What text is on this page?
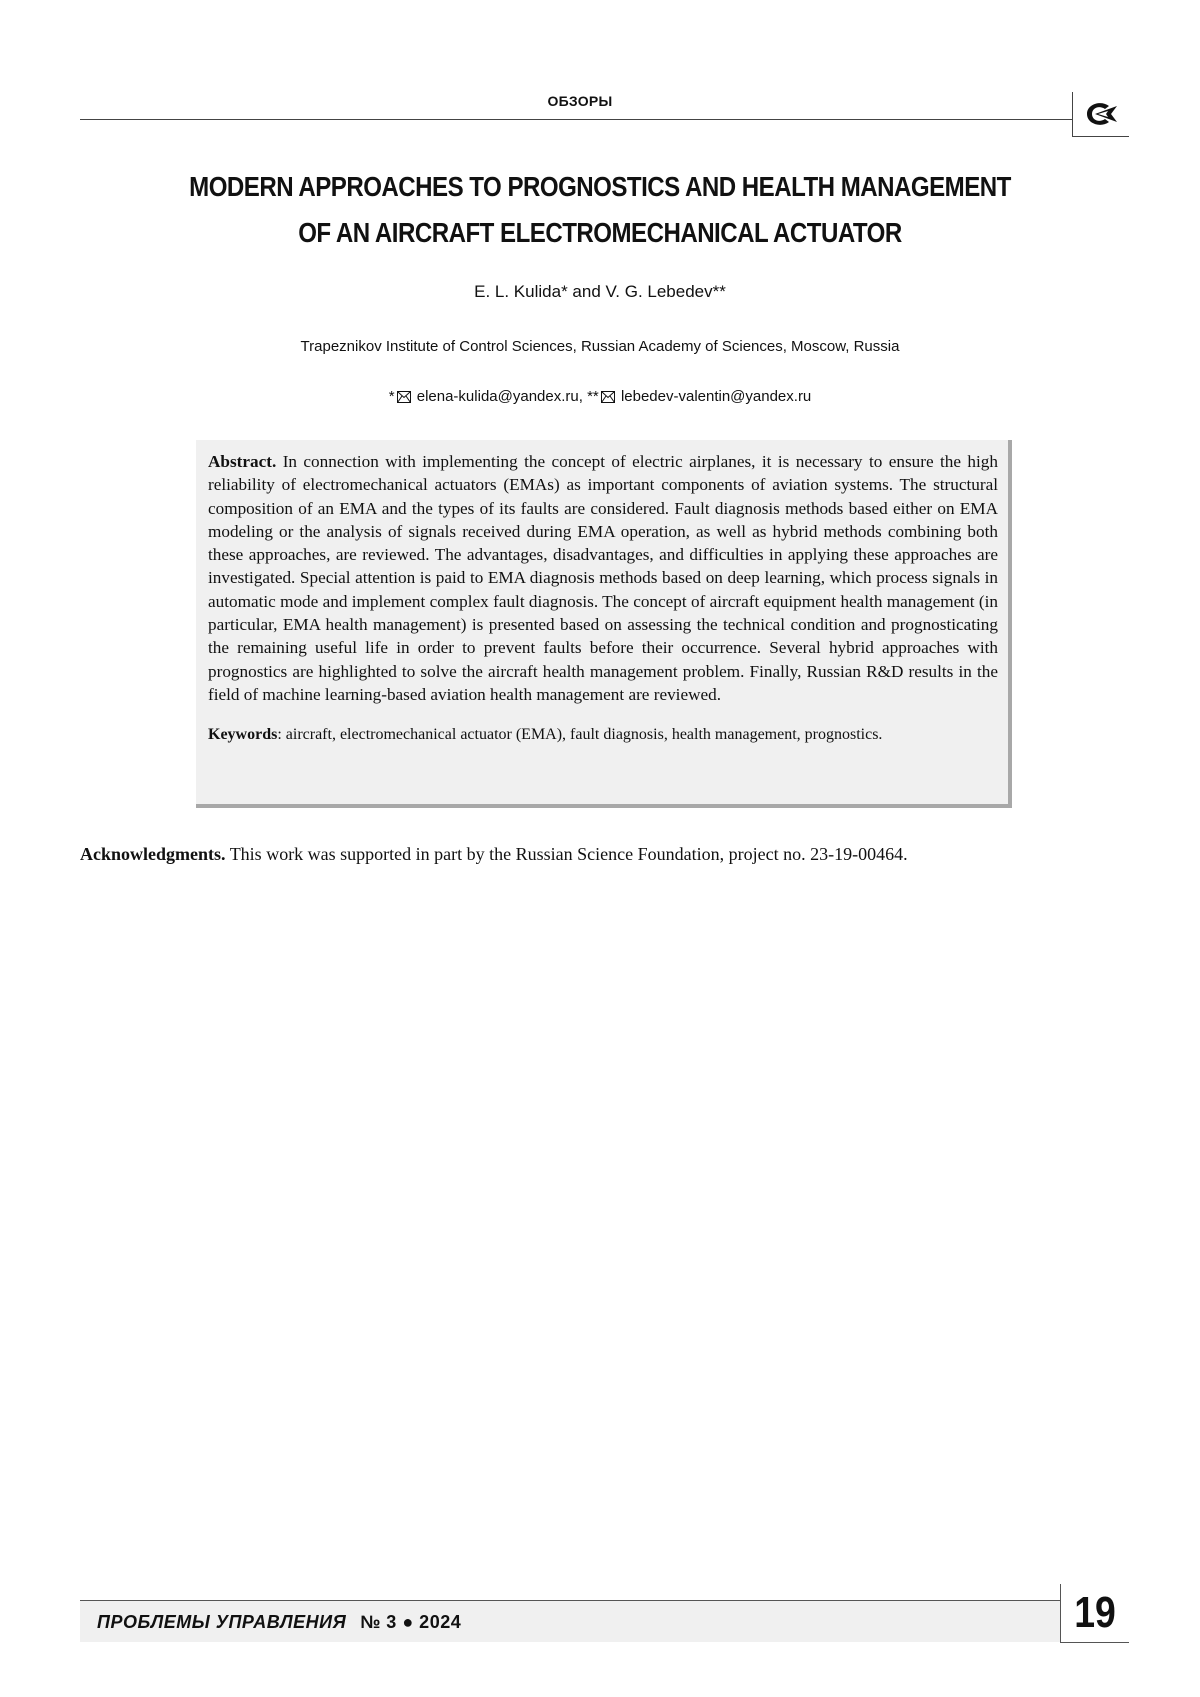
ОБЗОРЫ
MODERN APPROACHES TO PROGNOSTICS AND HEALTH MANAGEMENT
OF AN AIRCRAFT ELECTROMECHANICAL ACTUATOR
E. L. Kulida* and V. G. Lebedev**
Trapeznikov Institute of Control Sciences, Russian Academy of Sciences, Moscow, Russia
* elena-kulida@yandex.ru, ** lebedev-valentin@yandex.ru

Abstract. In connection with implementing the concept of electric airplanes, it is necessary to ensure the high reliability of electromechanical actuators (EMAs) as important components of aviation systems. The structural composition of an EMA and the types of its faults are considered. Fault diagnosis methods based either on EMA modeling or the analysis of signals received during EMA operation, as well as hybrid methods combining both these approaches, are reviewed. The advantages, disadvantages, and difficulties in applying these approaches are investigated. Special attention is paid to EMA diagnosis methods based on deep learning, which process signals in automatic mode and implement complex fault diagnosis. The concept of aircraft equipment health management (in particular, EMA health management) is presented based on assessing the technical condition and prognosticating the remaining useful life in order to prevent faults before their occurrence. Several hybrid approaches with prognostics are highlighted to solve the aircraft health management problem. Finally, Russian R&D results in the field of machine learning-based aviation health management are reviewed.

Keywords: aircraft, electromechanical actuator (EMA), fault diagnosis, health management, prognostics.

Acknowledgments. This work was supported in part by the Russian Science Foundation, project no. 23-19-00464.
ПРОБЛЕМЫ УПРАВЛЕНИЯ № 3 ● 2024	19
